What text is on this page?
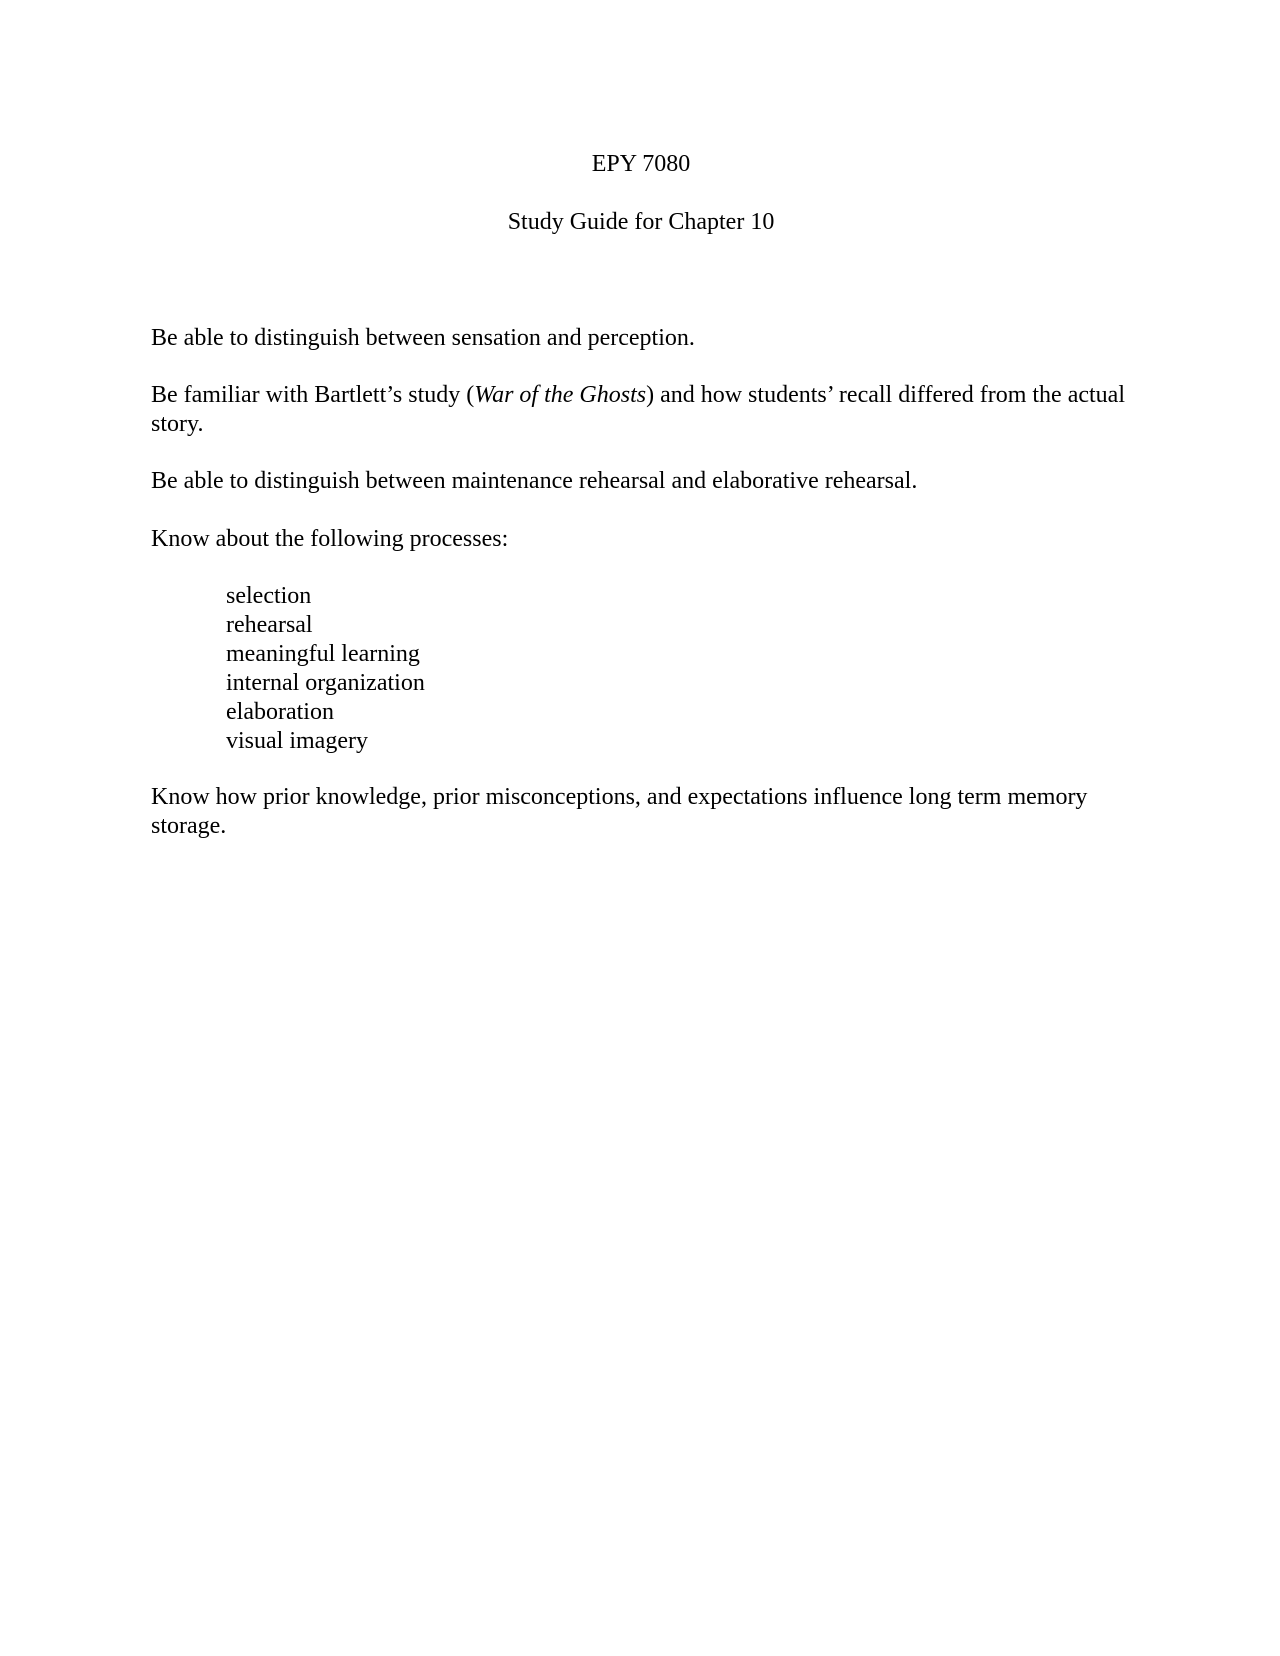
EPY 7080
Study Guide for Chapter 10

Be able to distinguish between sensation and perception.

Be familiar with Bartlett’s study (War of the Ghosts) and how students’ recall differed from the actual story.

Be able to distinguish between maintenance rehearsal and elaborative rehearsal.

Know about the following processes:

selection
rehearsal
meaningful learning
internal organization
elaboration
visual imagery

Know how prior knowledge, prior misconceptions, and expectations influence long term memory storage.
